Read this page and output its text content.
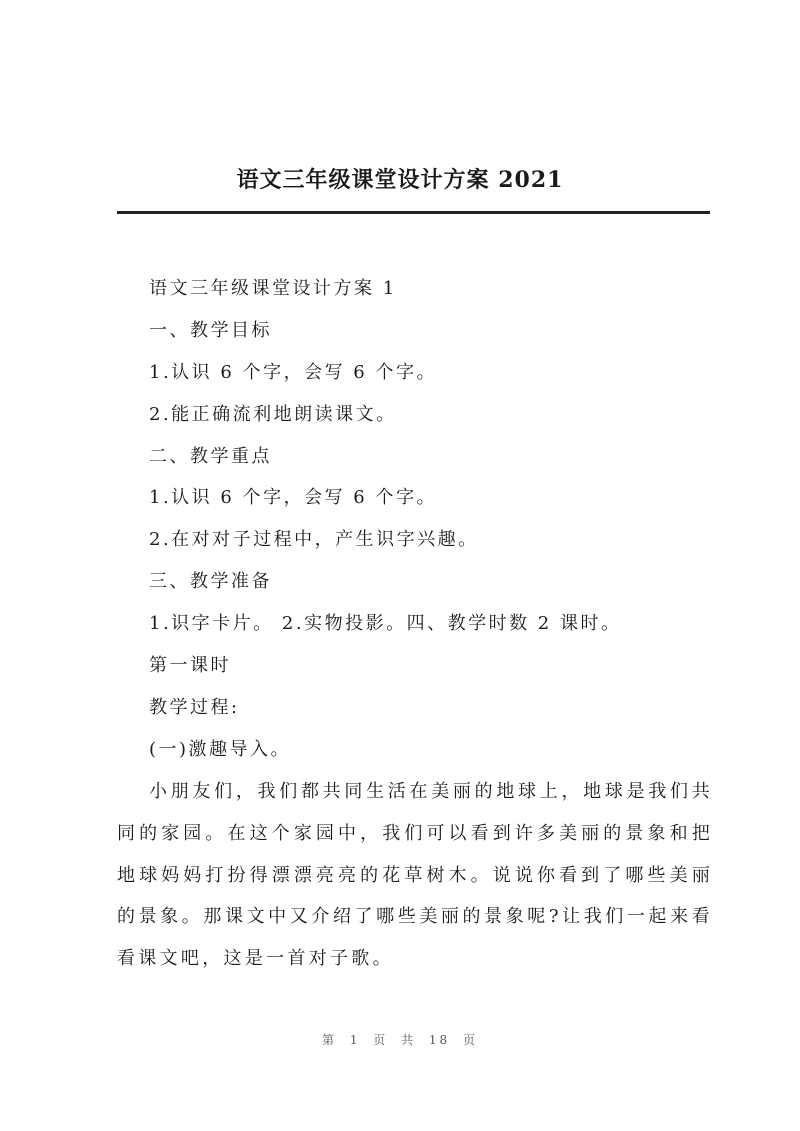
语文三年级课堂设计方案 2021
语文三年级课堂设计方案 1
一、教学目标
1.认识 6 个字，会写 6 个字。
2.能正确流利地朗读课文。
二、教学重点
1.认识 6 个字，会写 6 个字。
2.在对对子过程中，产生识字兴趣。
三、教学准备
1.识字卡片。 2.实物投影。四、教学时数 2 课时。
第一课时
教学过程:
(一)激趣导入。
小朋友们，我们都共同生活在美丽的地球上，地球是我们共同的家园。在这个家园中，我们可以看到许多美丽的景象和把地球妈妈打扮得漂漂亮亮的花草树木。说说你看到了哪些美丽的景象。那课文中又介绍了哪些美丽的景象呢?让我们一起来看看课文吧，这是一首对子歌。
第 1 页 共 18 页
